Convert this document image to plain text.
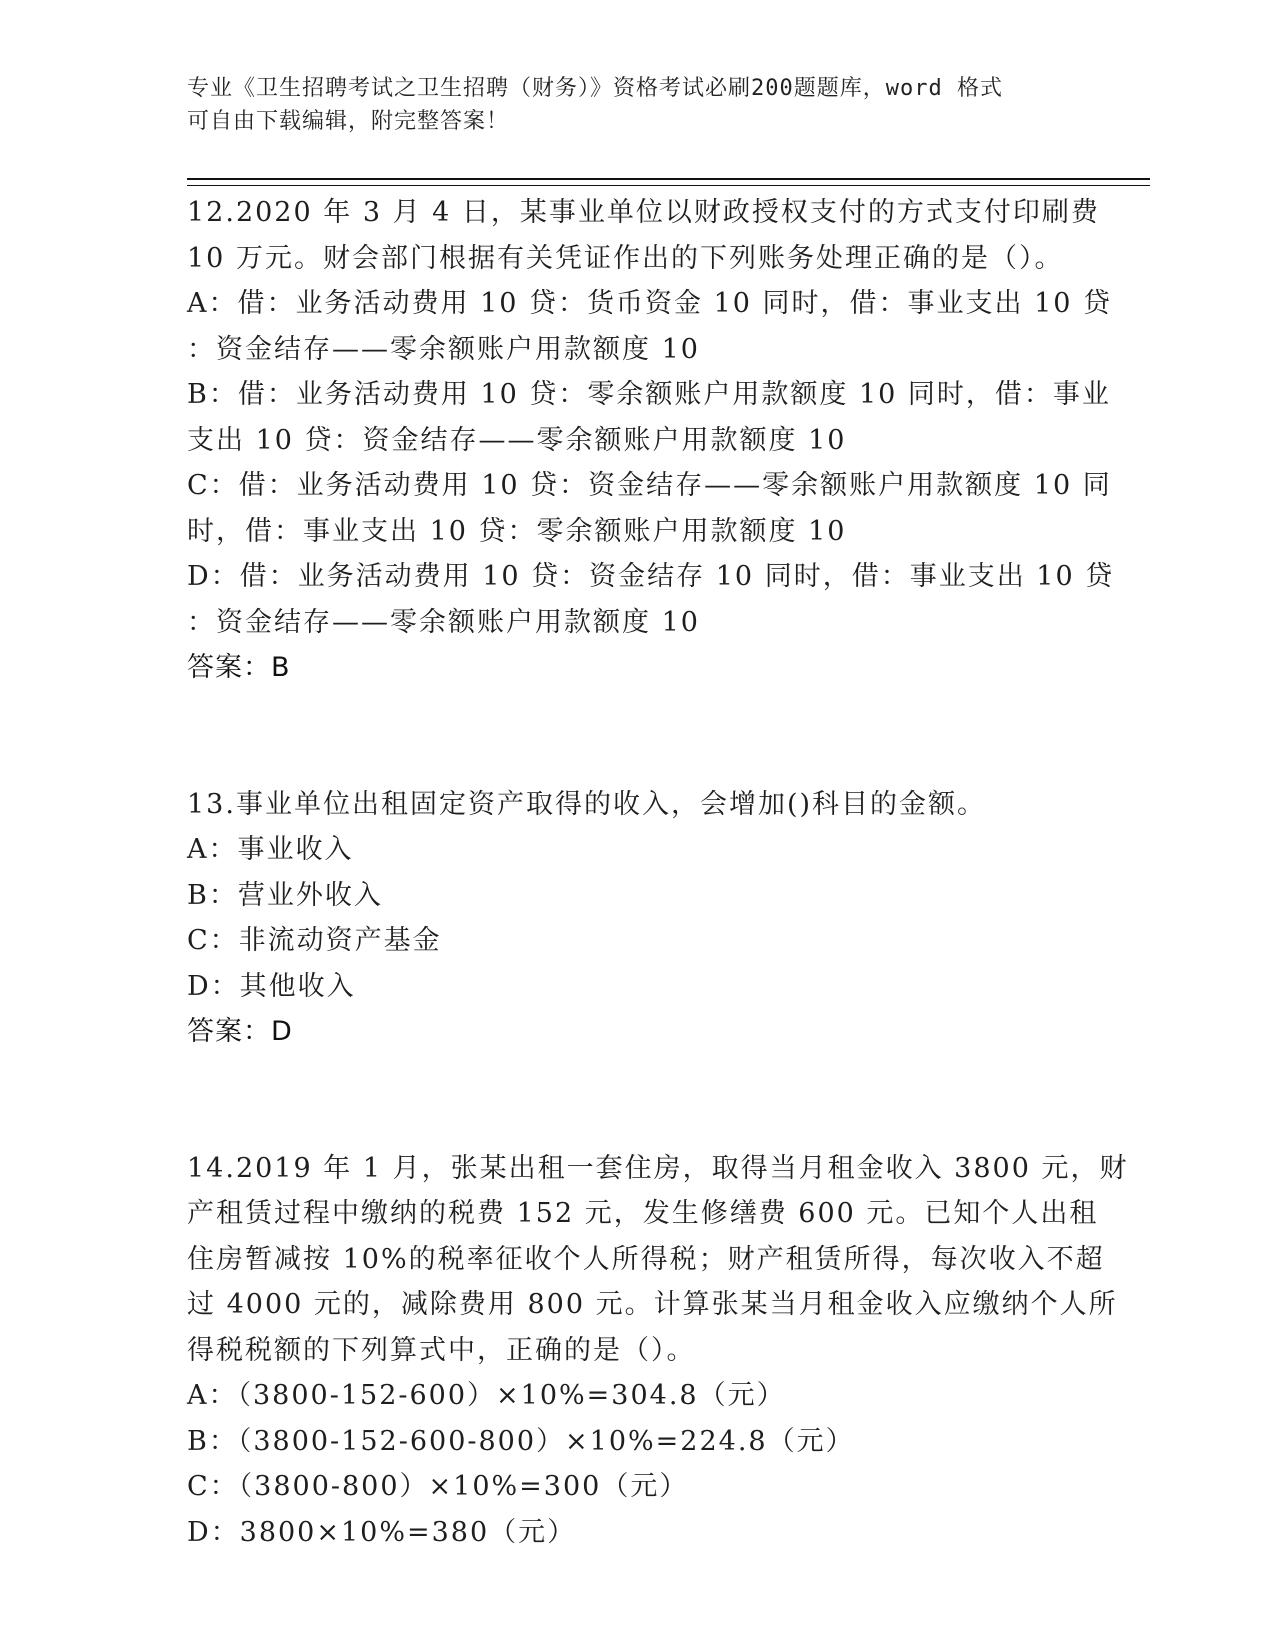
专业《卫生招聘考试之卫生招聘（财务）》资格考试必刷200题题库，word 格式
可自由下载编辑，附完整答案！
12.2020 年 3 月 4 日，某事业单位以财政授权支付的方式支付印刷费
10 万元。财会部门根据有关凭证作出的下列账务处理正确的是（）。
A：借：业务活动费用 10 贷：货币资金 10 同时，借：事业支出 10 贷
：资金结存——零余额账户用款额度 10
B：借：业务活动费用 10 贷：零余额账户用款额度 10 同时，借：事业
支出 10 贷：资金结存——零余额账户用款额度 10
C：借：业务活动费用 10 贷：资金结存——零余额账户用款额度 10 同
时，借：事业支出 10 贷：零余额账户用款额度 10
D：借：业务活动费用 10 贷：资金结存 10 同时，借：事业支出 10 贷
：资金结存——零余额账户用款额度 10
答案：B
13.事业单位出租固定资产取得的收入，会增加()科目的金额。
A：事业收入
B：营业外收入
C：非流动资产基金
D：其他收入
答案：D
14.2019 年 1 月，张某出租一套住房，取得当月租金收入 3800 元，财
产租赁过程中缴纳的税费 152 元，发生修缮费 600 元。已知个人出租
住房暂减按 10%的税率征收个人所得税；财产租赁所得，每次收入不超
过 4000 元的，减除费用 800 元。计算张某当月租金收入应缴纳个人所
得税税额的下列算式中，正确的是（）。
A：（3800-152-600）×10%=304.8（元）
B：（3800-152-600-800）×10%=224.8（元）
C：（3800-800）×10%=300（元）
D：3800×10%=380（元）
